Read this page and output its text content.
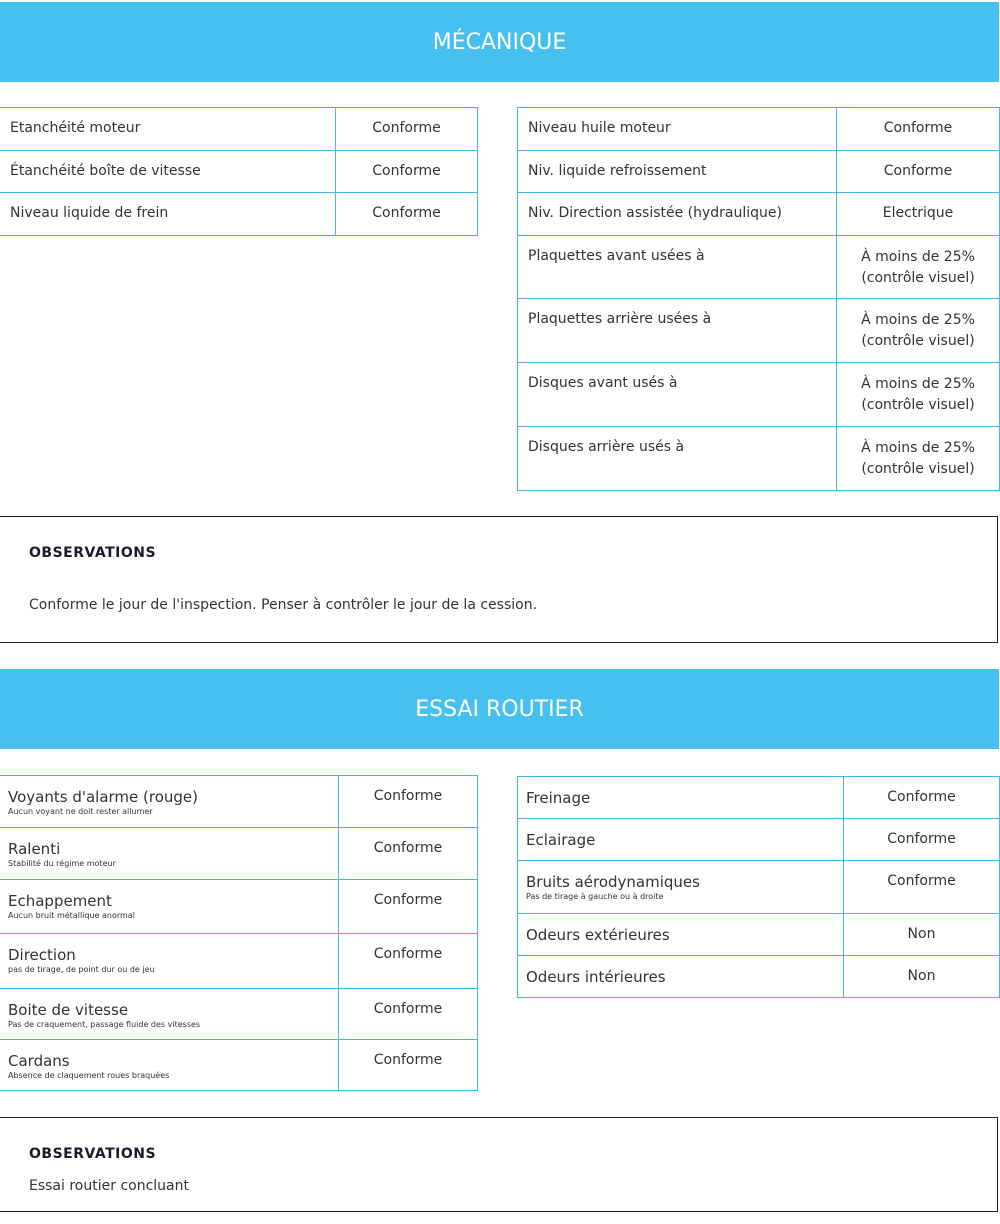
MÉCANIQUE
Etanchéité moteur	Conforme
Étanchéité boîte de vitesse	Conforme
Niveau liquide de frein	Conforme
Niveau huile moteur	Conforme
Niv. liquide refroissement	Conforme
Niv. Direction assistée (hydraulique)	Electrique
Plaquettes avant usées à	À moins de 25%
(contrôle visuel)

Plaquettes arrière usées à	À moins de 25%
(contrôle visuel)

Disques avant usés à	À moins de 25%
(contrôle visuel)

Disques arrière usés à	À moins de 25%
(contrôle visuel)
OBSERVATIONS
Conforme le jour de l'inspection. Penser à contrôler le jour de la cession.
ESSAI ROUTIER
Voyants d'alarme (rouge)
Aucun voyant ne doit rester allumer	Conforme

Ralenti
Stabilité du régime moteur	Conforme

Echappement
Aucun bruit métallique anormal	Conforme

Direction
pas de tirage, de point dur ou de jeu	Conforme

Boite de vitesse
Pas de craquement, passage fluide des vitesses	Conforme

Cardans
Absence de claquement roues braquées	Conforme
Freinage	Conforme

Eclairage	Conforme

Bruits aérodynamiques
Pas de tirage à gauche ou à droite	Conforme

Odeurs extérieures	Non

Odeurs intérieures	Non
OBSERVATIONS
Essai routier concluant
